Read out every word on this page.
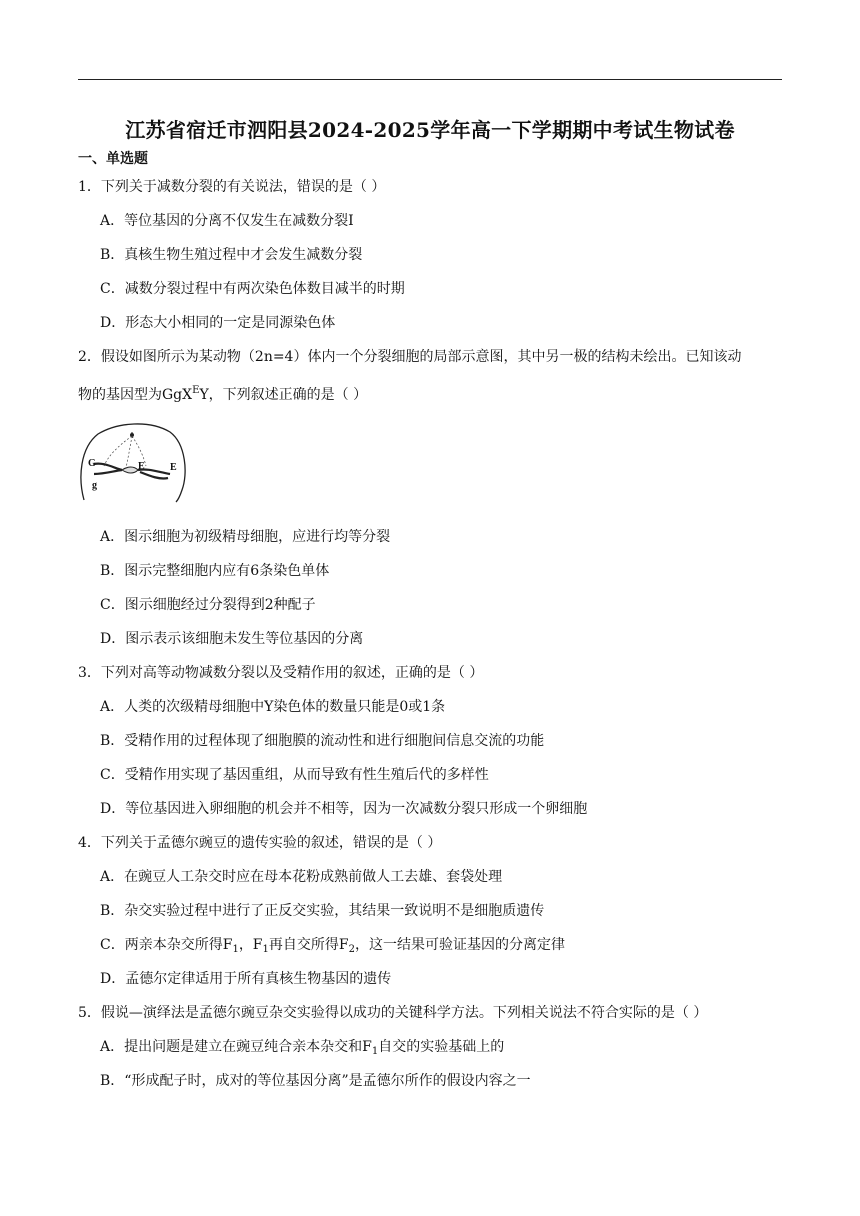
江苏省宿迁市泗阳县2024-2025学年高一下学期期中考试生物试卷
一、单选题
1．下列关于减数分裂的有关说法，错误的是（ ）
A．等位基因的分离不仅发生在减数分裂Ⅰ
B．真核生物生殖过程中才会发生减数分裂
C．减数分裂过程中有两次染色体数目减半的时期
D．形态大小相同的一定是同源染色体
2．假设如图所示为某动物（2n=4）体内一个分裂细胞的局部示意图，其中另一极的结构未绘出。已知该动
物的基因型为GgX$^E$Y，下列叙述正确的是（ ）
G
g
E	E
A．图示细胞为初级精母细胞，应进行均等分裂
B．图示完整细胞内应有6条染色单体
C．图示细胞经过分裂得到2种配子
D．图示表示该细胞未发生等位基因的分离
3．下列对高等动物减数分裂以及受精作用的叙述，正确的是（ ）
A．人类的次级精母细胞中Y染色体的数量只能是0或1条
B．受精作用的过程体现了细胞膜的流动性和进行细胞间信息交流的功能
C．受精作用实现了基因重组，从而导致有性生殖后代的多样性
D．等位基因进入卵细胞的机会并不相等，因为一次减数分裂只形成一个卵细胞
4．下列关于孟德尔豌豆的遗传实验的叙述，错误的是（ ）
A．在豌豆人工杂交时应在母本花粉成熟前做人工去雄、套袋处理
B．杂交实验过程中进行了正反交实验，其结果一致说明不是细胞质遗传
C．两亲本杂交所得$F_1$，$F_1$再自交所得$F_2$，这一结果可验证基因的分离定律
D．孟德尔定律适用于所有真核生物基因的遗传
5．假说—演绎法是孟德尔豌豆杂交实验得以成功的关键科学方法。下列相关说法不符合实际的是（ ）
A．提出问题是建立在豌豆纯合亲本杂交和$F_1$自交的实验基础上的
B．“形成配子时，成对的等位基因分离”是孟德尔所作的假设内容之一
